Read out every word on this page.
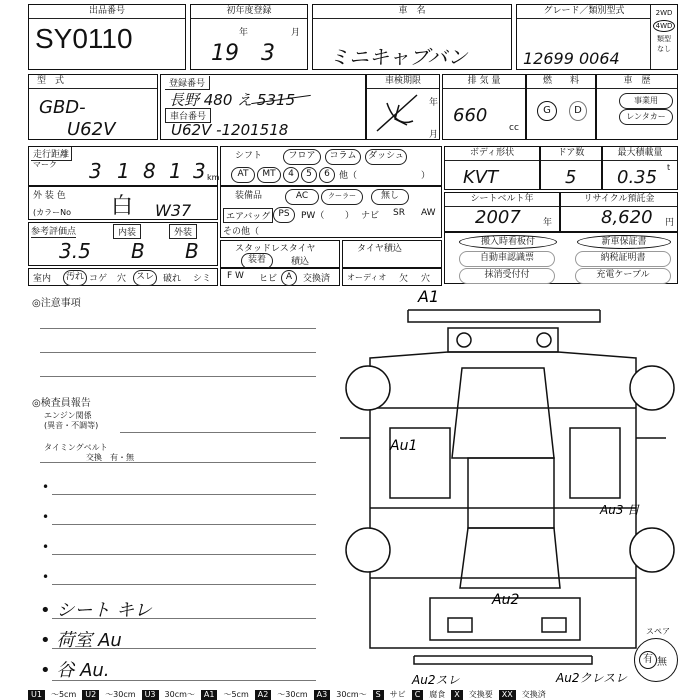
出品番号
SY0110
初年度登録
年	月
19 3
車　名
ミニキャブバン
グレード／類別型式
12699 0064
2WD
4WD
類型
なし
型　式
GBD-
U62V
登録番号
長野 480 え 5315
車台番号
U62V -1201518
車検期限
年
月
排 気 量
660
cc
燃　　料
G	D
車　歴
事業用
レンタカー
走行距離
マーク 3 1 8 1 3 km
シフト	フロア	コラム	ダッシュ
AT	MT	4	5	6	他（	）
ボディ形状
KVT
ドア数
5
最大積載量
0.35 t
外 装 色
(カラーNo 白 W37
装備品	AC	クーラー	無し
エアバッグ PS	PW（ ） ナビ SR AW
その他（
シートベルト年
2007 年
リサイクル預託金
8,620 円
参考評価点	内装	外装
3.5 B B	スタッドレスタイヤ
装着	積込
タイヤ積込
搬入時看板付	新車保証書
自動車認識票	納税証明書
抹消受付付	充電ケーブル
室内	汚れ コゲ 穴	スレ	破れ シミ F W ヒビ A	交換済 オーディオ 欠 穴
◎注意事項
◎検査員報告
エンジン関係
(異音・不調等)
タイミングベルト
交換　有・無
•
•
•
•
• シート キレ
• 荷室 Au
• 谷 Au.
A1
Au1
Au3 目
Au2
Au2スレ	Au2クレスレ
スペア
有 無
U1	～5cm	U2	～30cm	U3	30cm～	A1	～5cm	A2	～30cm	A3	30cm～	S	サビ	C	腐食	X	交換要	XX	交換済
